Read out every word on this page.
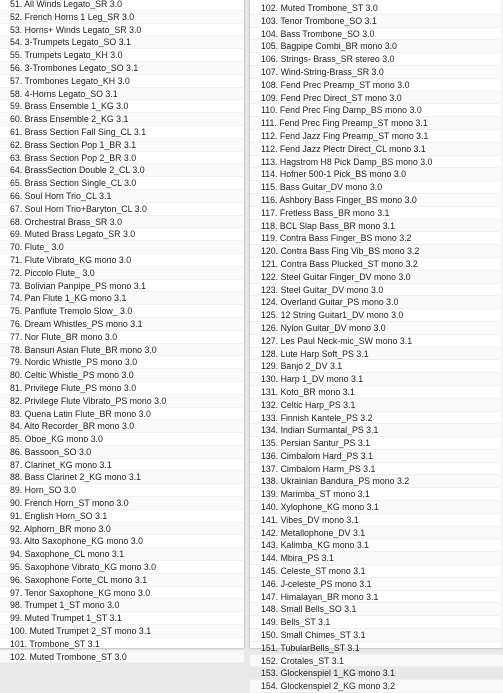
51. All Winds Legato_SR 3.0
52. French Horns 1 Leg_SR 3.0
53. Horns+ Winds Legato_SR 3.0
54. 3-Trumpets Legato_SO 3.1
55. Trumpets Legato_KH 3.0
56. 3-Trombones Legato_SO 3.1
57. Trombones Legato_KH 3.0
58. 4-Horns Legato_SO 3.1
59. Brass Ensemble 1_KG 3.0
60. Brass Ensemble 2_KG 3.1
61. Brass Section Fall Sing_CL 3.1
62. Brass Section Pop 1_BR 3.1
63. Brass Section Pop 2_BR 3.0
64. BrassSection Double 2_CL 3.0
65. Brass Section Single_CL 3.0
66. Soul Horn Trio_CL 3.1
67. Soul Horn Trio+Baryton_CL 3.0
68. Orchestral Brass_SR 3.0
69. Muted Brass Legato_SR 3.0
70. Flute_ 3.0
71. Flute Vibrato_KG mono 3.0
72. Piccolo Flute_ 3.0
73. Bolivian Panpipe_PS mono 3.1
74. Pan Flute 1_KG mono 3.1
75. Panflute Tremolo Slow_ 3.0
76. Dream Whistles_PS mono 3.1
77. Nor Flute_BR mono 3.0
78. Bansuri Asian Flute_BR mono 3.0
79. Nordic Whistle_PS mono 3.0
80. Celtic Whistle_PS mono 3.0
81. Privilege Flute_PS mono 3.0
82. Privilege Flute Vibrato_PS mono 3.0
83. Quena Latin Flute_BR mono 3.0
84. Alto Recorder_BR mono 3.0
85. Oboe_KG mono 3.0
86. Bassoon_SO 3.0
87. Clarinet_KG mono 3.1
88. Bass Clarinet 2_KG mono 3.1
89. Horn_SO 3.0
90. French Horn_ST mono 3.0
91. English Horn_SO 3.1
92. Alphorn_BR mono 3.0
93. Alto Saxophone_KG mono 3.0
94. Saxophone_CL mono 3.1
95. Saxophone Vibrato_KG mono 3.0
96. Saxophone Forte_CL mono 3.1
97. Tenor Saxophone_KG mono 3.0
98. Trumpet 1_ST mono 3.0
99. Muted Trumpet 1_ST 3.1
100. Muted Trumpet 2_ST mono 3.1
101. Trombone_ST 3.1
102. Muted Trombone_ST 3.0
102. Muted Trombone_ST 3.0
103. Tenor Trombone_SO 3.1
104. Bass Trombone_SO 3.0
105. Bagpipe Combi_BR mono 3.0
106. Strings- Brass_SR stereo 3.0
107. Wind-String-Brass_SR 3.0
108. Fend Prec Preamp_ST mono 3.0
109. Fend Prec Direct_ST mono 3.0
110. Fend Prec Fing Damp_BS mono 3.0
111. Fend Prec Fing Preamp_ST mono 3.1
112. Fend Jazz Fing Preamp_ST mono 3.1
112. Fend Jazz Plectr Direct_CL mono 3.1
113. Hagstrom H8 Pick Damp_BS mono 3.0
114. Hofner 500-1 Pick_BS mono 3.0
115. Bass Guitar_DV mono 3.0
116. Ashbory Bass Finger_BS mono 3.0
117. Fretless Bass_BR mono 3.1
118. BCL Slap Bass_BR mono 3.1
119. Contra Bass Finger_BS mono 3.2
120. Contra Bass Fing Vib_BS mono 3.2
121. Contra Bass Plucked_ST mono 3.2
122. Steel Guitar Finger_DV mono 3.0
123. Steel Guitar_DV mono 3.0
124. Overland Guitar_PS mono 3.0
125. 12 String Guitar1_DV mono 3.0
126. Nylon Guitar_DV mono 3.0
127. Les Paul Neck-mic_SW mono 3.1
128. Lute Harp Soft_PS 3.1
129. Banjo 2_DV 3.1
130. Harp 1_DV mono 3.1
131. Koto_BR mono 3.1
132. Celtic Harp_PS 3.1
133. Finnish Kantele_PS 3.2
134. Indian Surmantal_PS 3.1
135. Persian Santur_PS 3.1
136. Cimbalom Hard_PS 3.1
137. Cimbalom Harm_PS 3.1
138. Ukrainian Bandura_PS mono 3.2
139. Marimba_ST mono 3.1
140. Xylophone_KG mono 3.1
141. Vibes_DV mono 3.1
142. Metallophone_DV 3.1
143. Kalimba_KG mono 3.1
144. Mbira_PS 3.1
145. Celeste_ST mono 3.1
146. J-celeste_PS mono 3.1
147. Himalayan_BR mono 3.1
148. Small Bells_SO 3.1
149. Bells_ST 3.1
150. Small Chimes_ST 3.1
151. TubularBells_ST 3.1
152. Crotales_ST 3.1
153. Glockenspiel 1_KG mono 3.1
154. Glockenspiel 2_KG mono 3.2
